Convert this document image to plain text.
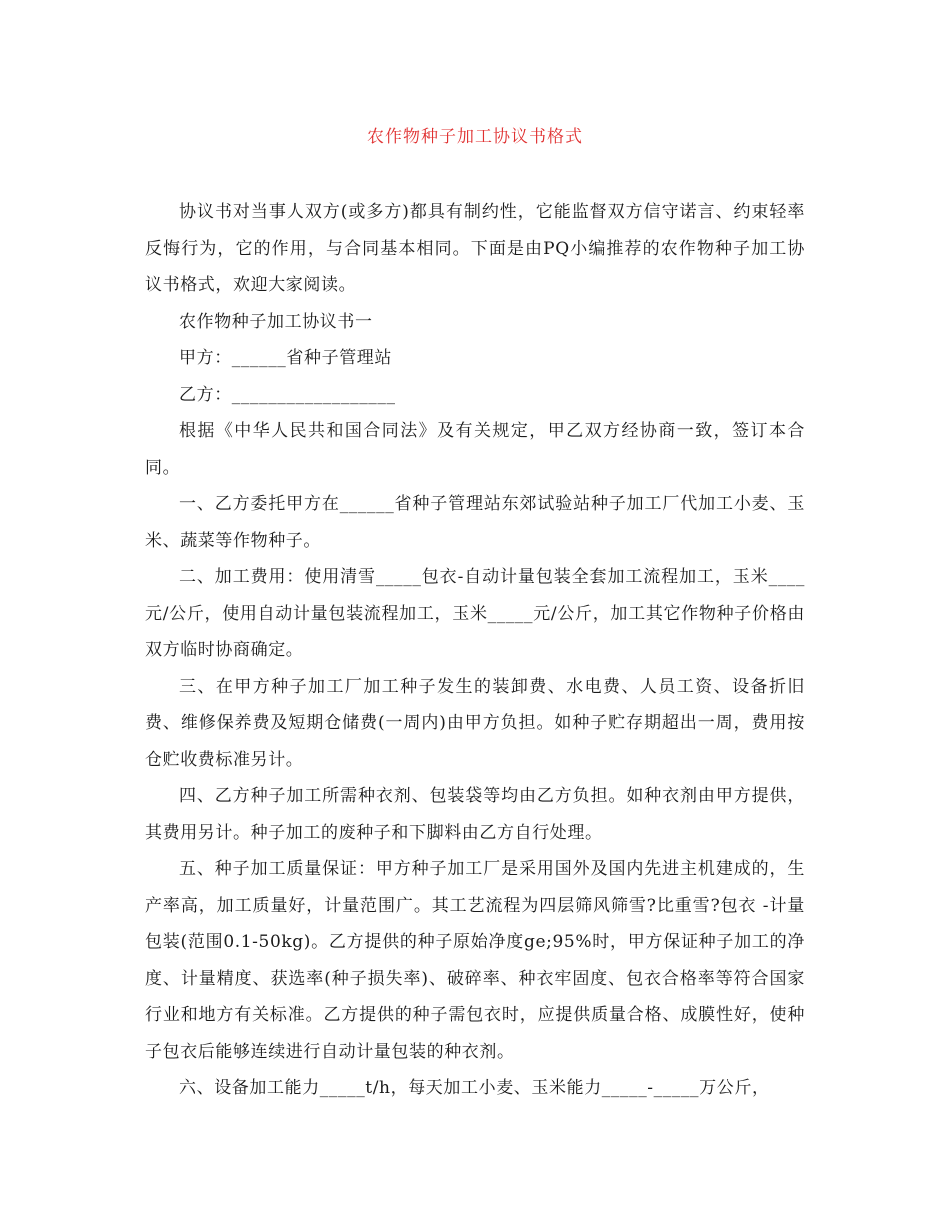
农作物种子加工协议书格式

协议书对当事人双方(或多方)都具有制约性，它能监督双方信守诺言、约束轻率反悔行为，它的作用，与合同基本相同。下面是由PQ小编推荐的农作物种子加工协议书格式，欢迎大家阅读。

农作物种子加工协议书一

甲方：______省种子管理站

乙方：__________________

根据《中华人民共和国合同法》及有关规定，甲乙双方经协商一致，签订本合同。

一、乙方委托甲方在______省种子管理站东郊试验站种子加工厂代加工小麦、玉米、蔬菜等作物种子。

二、加工费用：使用清雪_____包衣-自动计量包装全套加工流程加工，玉米____元/公斤，使用自动计量包装流程加工，玉米_____元/公斤，加工其它作物种子价格由双方临时协商确定。

三、在甲方种子加工厂加工种子发生的装卸费、水电费、人员工资、设备折旧费、维修保养费及短期仓储费(一周内)由甲方负担。如种子贮存期超出一周，费用按仓贮收费标准另计。

四、乙方种子加工所需种衣剂、包装袋等均由乙方负担。如种衣剂由甲方提供，其费用另计。种子加工的废种子和下脚料由乙方自行处理。

五、种子加工质量保证：甲方种子加工厂是采用国外及国内先进主机建成的，生产率高，加工质量好，计量范围广。其工艺流程为四层筛风筛雪?比重雪?包衣 -计量包装(范围0.1-50kg)。乙方提供的种子原始净度ge;95%时，甲方保证种子加工的净度、计量精度、获选率(种子损失率)、破碎率、种衣牢固度、包衣合格率等符合国家行业和地方有关标准。乙方提供的种子需包衣时，应提供质量合格、成膜性好，使种子包衣后能够连续进行自动计量包装的种衣剂。

六、设备加工能力_____t/h，每天加工小麦、玉米能力_____-_____万公斤，
